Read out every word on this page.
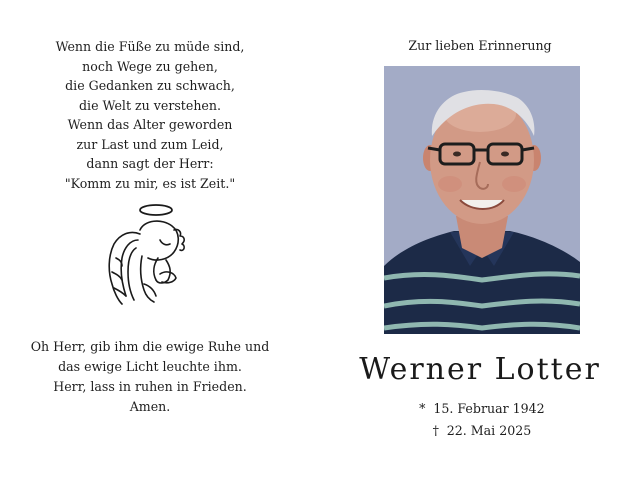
Wenn die Füße zu müde sind,
noch Wege zu gehen,
die Gedanken zu schwach,
die Welt zu verstehen.
Wenn das Alter geworden
zur Last und zum Leid,
dann sagt der Herr:
"Komm zu mir, es ist Zeit."
Oh Herr, gib ihm die ewige Ruhe und
das ewige Licht leuchte ihm.
Herr, lass in ruhen in Frieden.
Amen.
Zur lieben Erinnerung
Werner Lotter
* 15. Februar 1942
† 22. Mai 2025
